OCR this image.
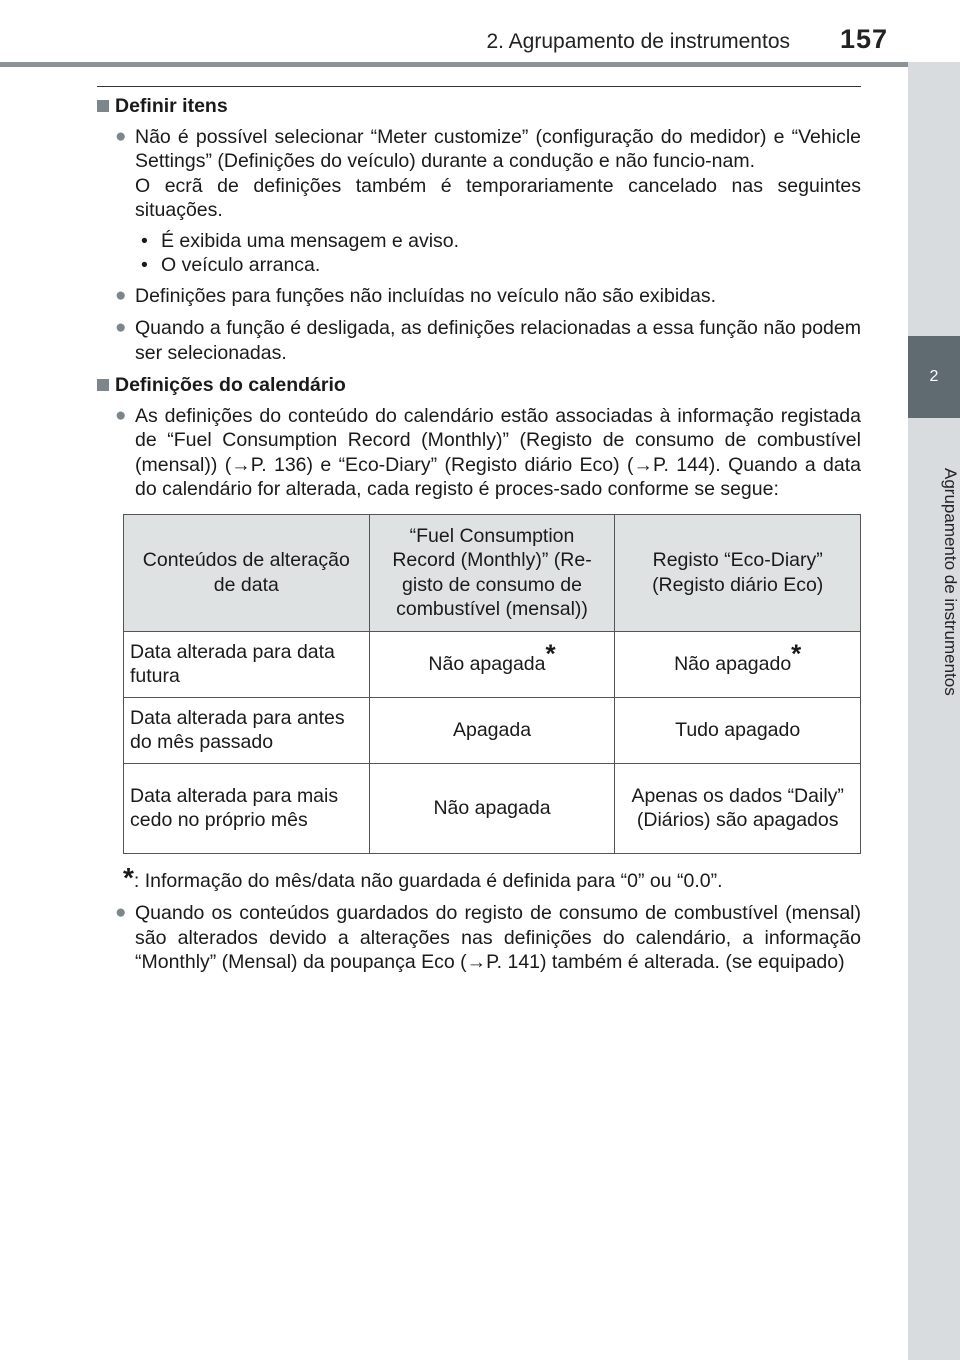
2. Agrupamento de instrumentos 157
2
Agrupamento de instrumentos
Definir itens
● Não é possível selecionar “Meter customize” (configuração do medidor) e “Vehicle Settings” (Definições do veículo) durante a condução e não funcio-nam.
O ecrã de definições também é temporariamente cancelado nas seguintes situações.
• É exibida uma mensagem e aviso.
• O veículo arranca.
● Definições para funções não incluídas no veículo não são exibidas.
● Quando a função é desligada, as definições relacionadas a essa função não podem ser selecionadas.
Definições do calendário
● As definições do conteúdo do calendário estão associadas à informação registada de “Fuel Consumption Record (Monthly)” (Registo de consumo de combustível (mensal)) (→P. 136) e “Eco-Diary” (Registo diário Eco) (→P. 144). Quando a data do calendário for alterada, cada registo é proces-sado conforme se segue:
Conteúdos de alteração de data	“Fuel Consumption Record (Monthly)” (Re-gisto de consumo de combustível (mensal))	Registo “Eco-Diary” (Registo diário Eco)
Data alterada para data futura	Não apagada*	Não apagado*
Data alterada para antes do mês passado	Apagada	Tudo apagado
Data alterada para mais cedo no próprio mês	Não apagada	Apenas os dados “Daily” (Diários) são apagados
*: Informação do mês/data não guardada é definida para “0” ou “0.0”.
● Quando os conteúdos guardados do registo de consumo de combustível (mensal) são alterados devido a alterações nas definições do calendário, a informação “Monthly” (Mensal) da poupança Eco (→P. 141) também é alterada. (se equipado)
